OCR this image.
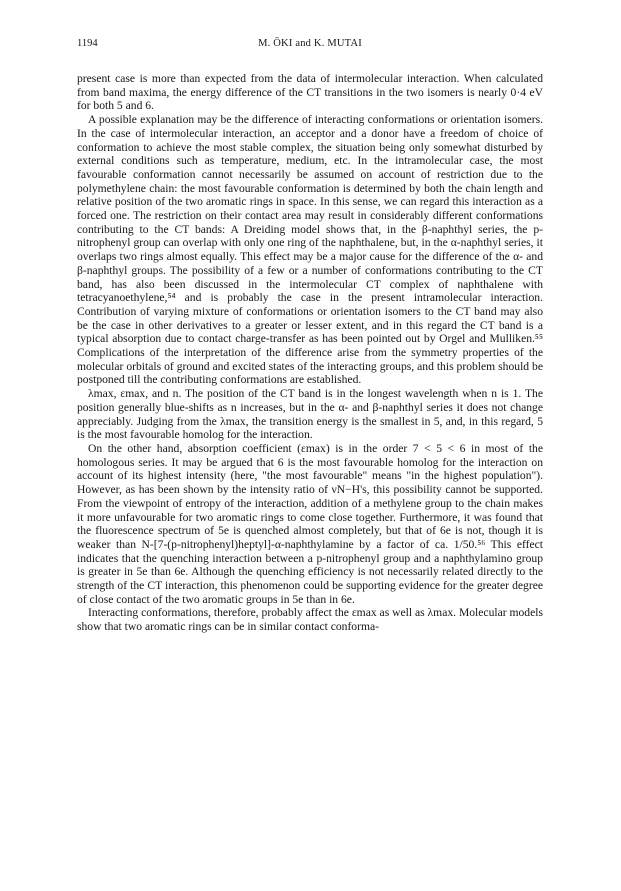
1194	M. ŌKI and K. MUTAI

present case is more than expected from the data of intermolecular interaction. When calculated from band maxima, the energy difference of the CT transitions in the two isomers is nearly 0·4 eV for both 5 and 6.

A possible explanation may be the difference of interacting conformations or orientation isomers. In the case of intermolecular interaction, an acceptor and a donor have a freedom of choice of conformation to achieve the most stable complex, the situation being only somewhat disturbed by external conditions such as temperature, medium, etc. In the intramolecular case, the most favourable conformation cannot necessarily be assumed on account of restriction due to the polymethylene chain: the most favourable conformation is determined by both the chain length and relative position of the two aromatic rings in space. In this sense, we can regard this interaction as a forced one. The restriction on their contact area may result in considerably different conformations contributing to the CT bands: A Dreiding model shows that, in the β-naphthyl series, the p-nitrophenyl group can overlap with only one ring of the naphthalene, but, in the α-naphthyl series, it overlaps two rings almost equally. This effect may be a major cause for the difference of the α- and β-naphthyl groups. The possibility of a few or a number of conformations contributing to the CT band, has also been discussed in the intermolecular CT complex of naphthalene with tetracyanoethylene,⁵⁴ and is probably the case in the present intramolecular interaction. Contribution of varying mixture of conformations or orientation isomers to the CT band may also be the case in other derivatives to a greater or lesser extent, and in this regard the CT band is a typical absorption due to contact charge-transfer as has been pointed out by Orgel and Mulliken.⁵⁵ Complications of the interpretation of the difference arise from the symmetry properties of the molecular orbitals of ground and excited states of the interacting groups, and this problem should be postponed till the contributing conformations are established.

λmax, εmax, and n. The position of the CT band is in the longest wavelength when n is 1. The position generally blue-shifts as n increases, but in the α- and β-naphthyl series it does not change appreciably. Judging from the λmax, the transition energy is the smallest in 5, and, in this regard, 5 is the most favourable homolog for the interaction.

On the other hand, absorption coefficient (εmax) is in the order 7 < 5 < 6 in most of the homologous series. It may be argued that 6 is the most favourable homolog for the interaction on account of its highest intensity (here, "the most favourable" means "in the highest population"). However, as has been shown by the intensity ratio of νN−H's, this possibility cannot be supported. From the viewpoint of entropy of the interaction, addition of a methylene group to the chain makes it more unfavourable for two aromatic rings to come close together. Furthermore, it was found that the fluorescence spectrum of 5e is quenched almost completely, but that of 6e is not, though it is weaker than N-[7-(p-nitrophenyl)heptyl]-α-naphthylamine by a factor of ca. 1/50.⁵⁶ This effect indicates that the quenching interaction between a p-nitrophenyl group and a naphthylamino group is greater in 5e than 6e. Although the quenching efficiency is not necessarily related directly to the strength of the CT interaction, this phenomenon could be supporting evidence for the greater degree of close contact of the two aromatic groups in 5e than in 6e.

Interacting conformations, therefore, probably affect the εmax as well as λmax. Molecular models show that two aromatic rings can be in similar contact conforma-
